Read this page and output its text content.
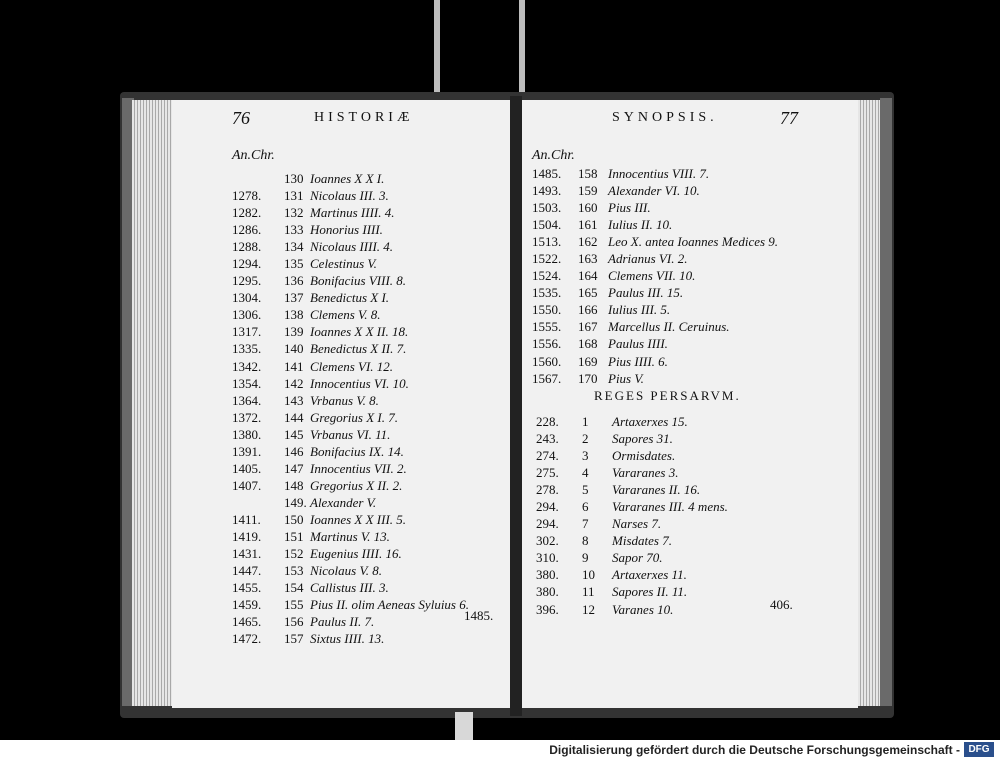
76	HISTORIÆ
An.Chr.
130 Ioannes X X I.
1278. 131 Nicolaus III. 3.
1282. 132 Martinus IIII. 4.
1286. 133 Honorius IIII.
1288. 134 Nicolaus IIII. 4.
1294. 135 Celestinus V.
1295. 136 Bonifacius VIII. 8.
1304. 137 Benedictus X I.
1306. 138 Clemens V. 8.
1317. 139 Ioannes X X II. 18.
1335. 140 Benedictus X II. 7.
1342. 141 Clemens VI. 12.
1354. 142 Innocentius VI. 10.
1364. 143 Vrbanus V. 8.
1372. 144 Gregorius X I. 7.
1380. 145 Vrbanus VI. 11.
1391. 146 Bonifacius IX. 14.
1405. 147 Innocentius VII. 2.
1407. 148 Gregorius X II. 2.
149. Alexander V.
1411. 150 Ioannes X X III. 5.
1419. 151 Martinus V. 13.
1431. 152 Eugenius IIII. 16.
1447. 153 Nicolaus V. 8.
1455. 154 Callistus III. 3.
1459. 155 Pius II. olim Aeneas Syluius 6.
1465. 156 Paulus II. 7.
1472. 157 Sixtus IIII. 13.
1485.
SYNOPSIS.	77
An.Chr.
1485. 158 Innocentius VIII. 7.
1493. 159 Alexander VI. 10.
1503. 160 Pius III.
1504. 161 Iulius II. 10.
1513. 162 Leo X. antea Ioannes Medices 9.
1522. 163 Adrianus VI. 2.
1524. 164 Clemens VII. 10.
1535. 165 Paulus III. 15.
1550. 166 Iulius III. 5.
1555. 167 Marcellus II. Ceruinus.
1556. 168 Paulus IIII.
1560. 169 Pius IIII. 6.
1567. 170 Pius V.
REGES PERSARVM.
228. 1 Artaxerxes 15.
243. 2 Sapores 31.
274. 3 Ormisdates.
275. 4 Vararanes 3.
278. 5 Vararanes II. 16.
294. 6 Vararanes III. 4 mens.
294. 7 Narses 7.
302. 8 Misdates 7.
310. 9 Sapor 70.
380. 10 Artaxerxes 11.
380. 11 Sapores II. 11.
396. 12 Varanes 10.	406.
Digitalisierung gefördert durch die Deutsche Forschungsgemeinschaft - DFG
